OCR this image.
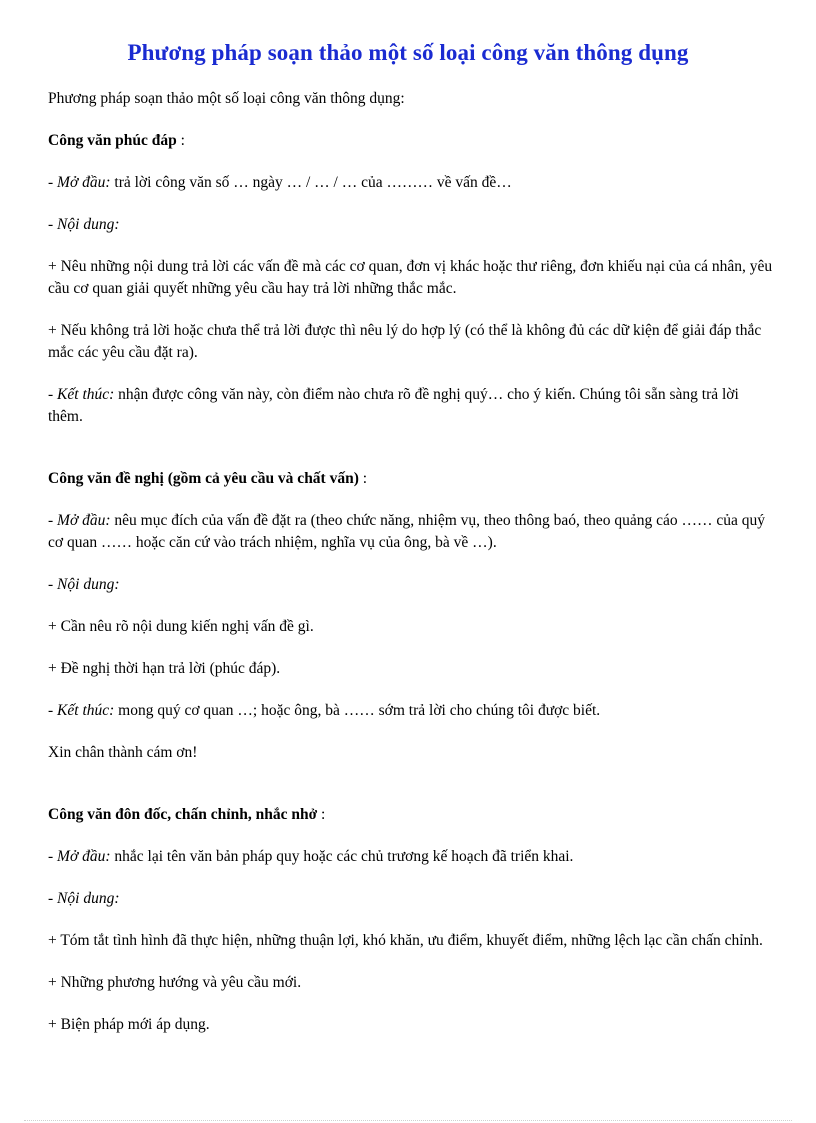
Phương pháp soạn thảo một số loại công văn thông dụng

Phương pháp soạn thảo một số loại công văn thông dụng:

Công văn phúc đáp :

- Mở đầu: trả lời công văn số … ngày … / … / … của ……… về vấn đề…

- Nội dung:

+ Nêu những nội dung trả lời các vấn đề mà các cơ quan, đơn vị khác hoặc thư riêng, đơn khiếu nại của cá nhân, yêu cầu cơ quan giải quyết những yêu cầu hay trả lời những thắc mắc.

+ Nếu không trả lời hoặc chưa thể trả lời được thì nêu lý do hợp lý (có thể là không đủ các dữ kiện để giải đáp thắc mắc các yêu cầu đặt ra).

- Kết thúc: nhận được công văn này, còn điểm nào chưa rõ đề nghị quý… cho ý kiến. Chúng tôi sẵn sàng trả lời thêm.

Công văn đề nghị (gồm cả yêu cầu và chất vấn) :

- Mở đầu: nêu mục đích của vấn đề đặt ra (theo chức năng, nhiệm vụ, theo thông baó, theo quảng cáo …… của quý cơ quan …… hoặc căn cứ vào trách nhiệm, nghĩa vụ của ông, bà về …).

- Nội dung:

+ Cần nêu rõ nội dung kiến nghị vấn đề gì.

+ Đề nghị thời hạn trả lời (phúc đáp).

- Kết thúc: mong quý cơ quan …; hoặc ông, bà …… sớm trả lời cho chúng tôi được biết.

Xin chân thành cám ơn!

Công văn đôn đốc, chấn chỉnh, nhắc nhở :

- Mở đầu: nhắc lại tên văn bản pháp quy hoặc các chủ trương kế hoạch đã triển khai.

- Nội dung:

+ Tóm tắt tình hình đã thực hiện, những thuận lợi, khó khăn, ưu điểm, khuyết điểm, những lệch lạc cần chấn chỉnh.

+ Những phương hướng và yêu cầu mới.

+ Biện pháp mới áp dụng.
